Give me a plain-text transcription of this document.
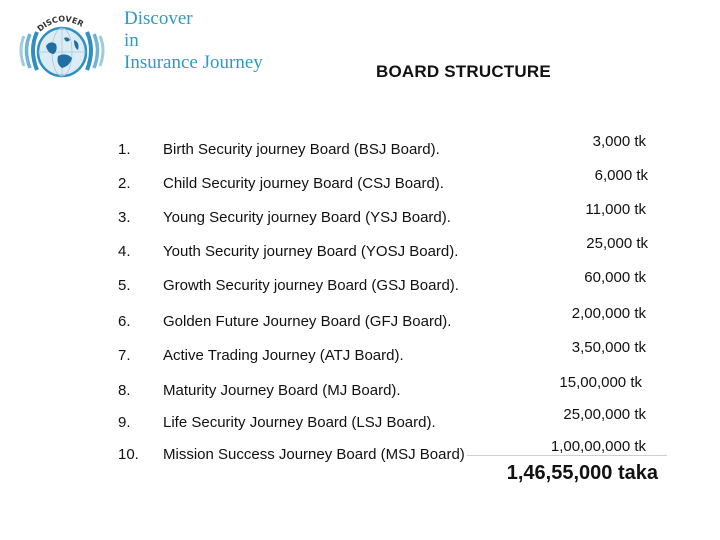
DISCOVER Discover
in
Insurance Journey	BOARD STRUCTURE
1. Birth Security journey Board (BSJ Board).	3,000 tk
2. Child Security journey Board (CSJ Board).	6,000 tk
3. Young Security journey Board (YSJ Board).	11,000 tk
4. Youth Security journey Board (YOSJ Board).	25,000 tk
5. Growth Security journey Board (GSJ Board).	60,000 tk
6. Golden Future Journey Board (GFJ Board).	2,00,000 tk
7. Active Trading Journey (ATJ Board).	3,50,000 tk
8. Maturity Journey Board (MJ Board).	15,00,000 tk
9. Life Security Journey Board (LSJ Board).	25,00,000 tk
10. Mission Success Journey Board (MSJ Board)	1,00,00,000 tk
1,46,55,000 taka
